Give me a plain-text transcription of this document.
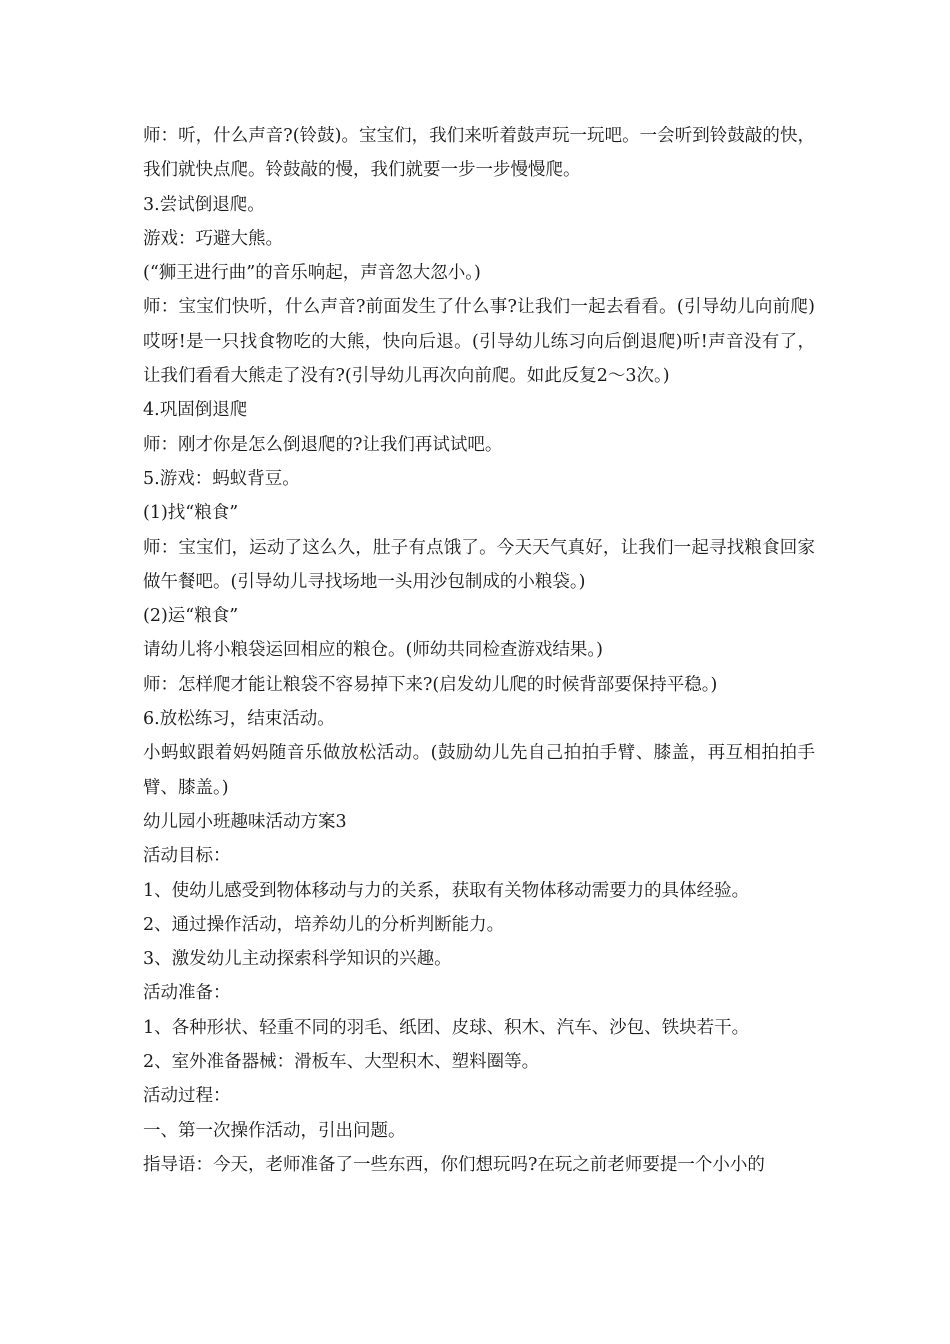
师：听，什么声音?(铃鼓)。宝宝们，我们来听着鼓声玩一玩吧。一会听到铃鼓敲的快，我们就快点爬。铃鼓敲的慢，我们就要一步一步慢慢爬。

3.尝试倒退爬。

游戏：巧避大熊。

(“狮王进行曲”的音乐响起，声音忽大忽小。)

师：宝宝们快听，什么声音?前面发生了什么事?让我们一起去看看。(引导幼儿向前爬)哎呀!是一只找食物吃的大熊，快向后退。(引导幼儿练习向后倒退爬)听!声音没有了，让我们看看大熊走了没有?(引导幼儿再次向前爬。如此反复2～3次。)

4.巩固倒退爬

师：刚才你是怎么倒退爬的?让我们再试试吧。

5.游戏：蚂蚁背豆。

(1)找“粮食”

师：宝宝们，运动了这么久，肚子有点饿了。今天天气真好，让我们一起寻找粮食回家做午餐吧。(引导幼儿寻找场地一头用沙包制成的小粮袋。)

(2)运“粮食”

请幼儿将小粮袋运回相应的粮仓。(师幼共同检查游戏结果。)

师：怎样爬才能让粮袋不容易掉下来?(启发幼儿爬的时候背部要保持平稳。)

6.放松练习，结束活动。

小蚂蚁跟着妈妈随音乐做放松活动。(鼓励幼儿先自己拍拍手臂、膝盖，再互相拍拍手臂、膝盖。)

幼儿园小班趣味活动方案3

活动目标：

1、使幼儿感受到物体移动与力的关系，获取有关物体移动需要力的具体经验。

2、通过操作活动，培养幼儿的分析判断能力。

3、激发幼儿主动探索科学知识的兴趣。

活动准备：

1、各种形状、轻重不同的羽毛、纸团、皮球、积木、汽车、沙包、铁块若干。

2、室外准备器械：滑板车、大型积木、塑料圈等。

活动过程：

一、第一次操作活动，引出问题。

指导语：今天，老师准备了一些东西，你们想玩吗?在玩之前老师要提一个小小的
